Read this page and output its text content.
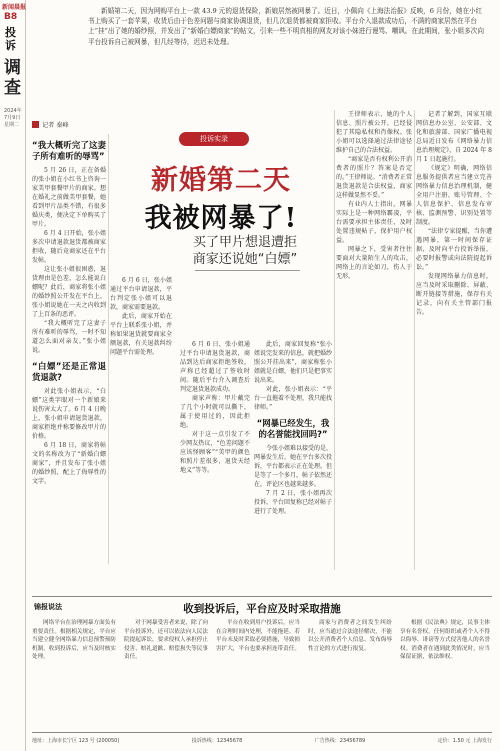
新闻晨报
B8
投诉
调查
2024年7月9日 星期二
新婚第二天，因为网购平台上一款 43.9 元的退货保险，新娘居然被网暴了。近日，小佩向《上海法治报》反映，6 月份，她在小红书上购买了一套苹果，收货后由于色差问题与商家协调退货，但几次退货都被商家拒收。平台介入退款成功后，不满的商家居然在平台上“挂”出了她的婚纱照，并发出了“新婚白嫖商家”的帖文，引来一些不明真相的网友对该小妹进行谩骂、嘲讽。在此期间，张小姐多次向平台投诉自己被网暴，但几经等待，迟迟未处理。
记者 秦峰
投诉实录
新婚第二天
我被网暴了!
买了甲片想退遭拒
商家还说她“白嫖”
“我大概听完了这妻子所有难听的辱骂”

5 月 26 日，正在备婚的张小姐在小红书上咨询一家美甲套餐甲片的商家。想在婚礼之前做美甲套餐，她看到甲片品类不错，有很多婚庆类，便决定下单购买了甲片。

6 月 4 日开始，张小姐多次申请退款退货都被商家拒收，随后竟商家还在平台发帖。

这让张小姐很困惑，退货理由是色差，怎么能说白嫖呢？此后，商家将张小姐的婚纱照公开发在平台上，张小姐说她在一天之内收到了上百条的恶评。

“我大概听完了这妻子所有难听的辱骂，一时不知道怎么面对亲友。”张小姐说。

“白嫖”还是正常退货退款?

对此张小姐表示，“白嫖”这类字眼对一个新娘来说伤害太大了。6 月 4 日晚上，张小姐申请退货退款，商家拒绝并称要修改甲片的价格。

6 月 18 日，商家将帖文的名称改为了“新婚白嫖商家”，并且发布了张小姐的婚纱照，配上了侮辱性的文字。

6 月 6 日，张小姐通过平台申请退款，平台判定张小姐可以退款，商家需要退款。

此后，商家开始在平台上联系张小姐，并称如果退货就要商家全额退款，有关退款纠纷问题平台需处理。

6 月 6 日，张小姐通过平台申请退货退款，商品到达后商家拒绝签收，声称已经超过了签收时间。随后平台介入调查后判定退货退款成功。

商家声称：甲片戴完了几个小时就可以撕下，属于使用过的，因此拒绝。

对于这一点引发了不少网友热议，“色差问题不应该怪顾客”“美甲的颜色和照片差很多，退货天经地义”等等。

此后，商家回复称“张小姐说完发来的信息，就把婚纱照公开挂出来”，商家称张小姐就是白嫖，他们只是把事实说出来。

对此，张小姐表示：“平台一直拖着不处理，我只能找律师。”

“网暴已经发生，我的名誉能找回吗?”

令张小姐难以接受的是，网暴发生后，她在平台多次投诉，平台都表示正在处理。但是等了一个多月，帖子依然还在，评论区也越来越多。

7 月 2 日，张小姐再次投诉，平台回复称已经对帖子进行了处理。

王律师表示，她的个人信息、照片被公开，已经侵犯了其隐私权和肖像权。张小姐可以选择通过法律途径维护自己的合法权益。

“商家是否有权利公开消费者的照片？答案是否定的。”王律师说。“消费者正常退货退款是合法权益，商家这样做显然不妥。”

有业内人士指出，网暴实际上是一种网络霸凌，平台需要承担主体责任，及时处置违规帖子，保护用户权益。

网暴之下，受害者往往要面对大量陌生人的攻击，网络上的言论如刀，伤人于无形。

记者了解到，国家互联网信息办公室、公安部、文化和旅游部、国家广播电视总局近日发布《网络暴力信息治理规定》，自 2024 年 8 月 1 日起施行。

《规定》明确，网络信息服务提供者应当建立完善网络暴力信息治理机制，健全用户注册、账号管理、个人信息保护、信息发布审核、监测预警、识别处置等制度。

“法律专家提醒，当你遭遇网暴，第一时间保存证据，及时向平台投诉举报，必要时报警或向法院提起诉讼。”

发现网络暴力信息时，应当及时采取删除、屏蔽、断开链接等措施，保存有关记录，向有关主管部门报告。

锦报说法	收到投诉后，平台应及时采取措施

网络平台在治理网暴方面负有重要责任。根据相关规定，平台应当建立健全网络暴力信息预警预防机制。收到投诉后，应当及时核实处理。

对于网暴受害者来说，除了向平台投诉外，还可以依法向人民法院提起诉讼，要求侵权人承担停止侵害、赔礼道歉、赔偿损失等民事责任。

平台在收到用户投诉后，应当在合理时间内处理，不能拖延。若平台未及时采取必要措施，导致损害扩大，平台也要承担连带责任。

商家与消费者之间发生纠纷时，应当通过合法途径解决，不能以公开消费者个人信息、发布侮辱性言论的方式进行报复。

根据《民法典》规定，民事主体享有名誉权。任何组织或者个人不得以侮辱、诽谤等方式侵害他人的名誉权。消费者在遇到此类情况时，应当保留证据，依法维权。

地址：上海市长宁区 123 号 (200050)	投诉热线：12345678	广告热线：23456789	定价：1.50 元 上海发行
